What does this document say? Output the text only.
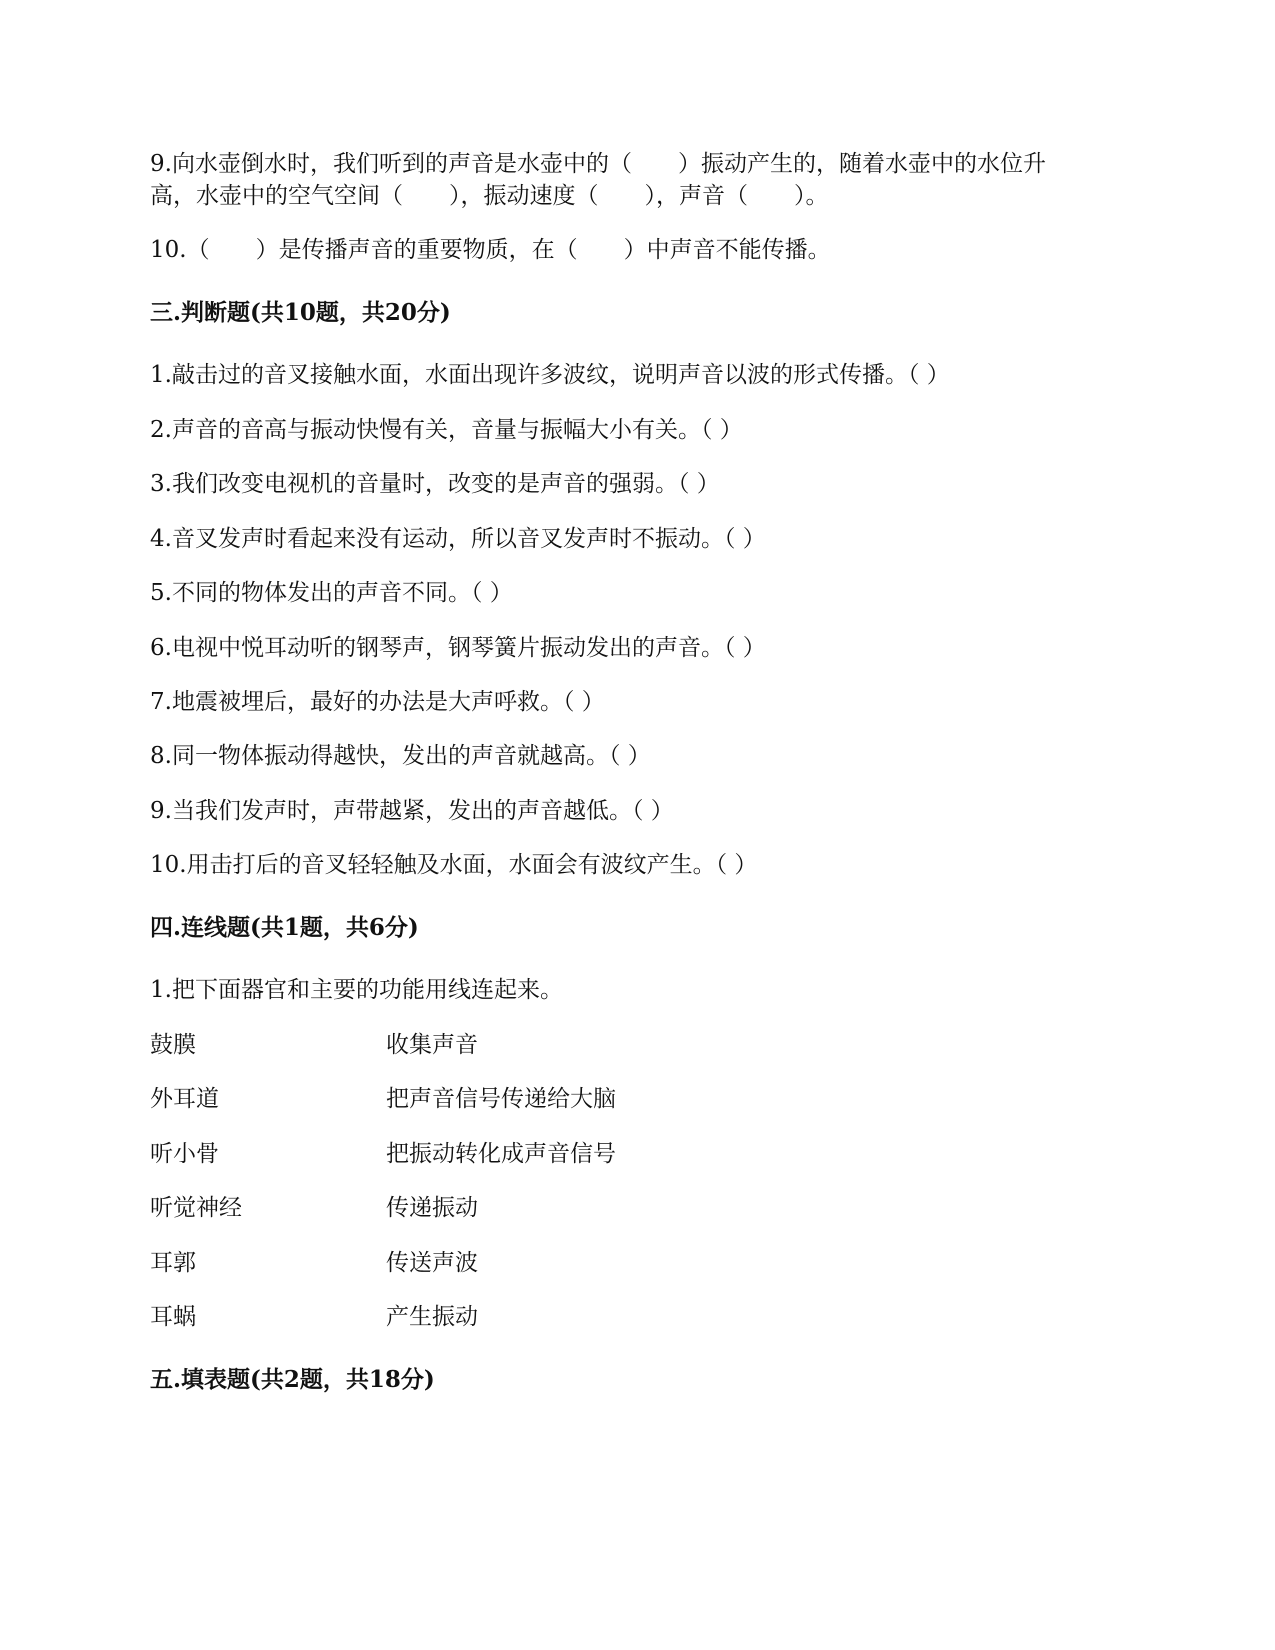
9.向水壶倒水时，我们听到的声音是水壶中的（　　）振动产生的，随着水壶中的水位升
高，水壶中的空气空间（　　），振动速度（　　），声音（　　）。
10.（　　）是传播声音的重要物质，在（　　）中声音不能传播。
三.判断题(共10题，共20分)
1.敲击过的音叉接触水面，水面出现许多波纹，说明声音以波的形式传播。（ ）
2.声音的音高与振动快慢有关，音量与振幅大小有关。（ ）
3.我们改变电视机的音量时，改变的是声音的强弱。（ ）
4.音叉发声时看起来没有运动，所以音叉发声时不振动。（ ）
5.不同的物体发出的声音不同。（ ）
6.电视中悦耳动听的钢琴声，钢琴簧片振动发出的声音。（ ）
7.地震被埋后，最好的办法是大声呼救。（ ）
8.同一物体振动得越快，发出的声音就越高。（ ）
9.当我们发声时，声带越紧，发出的声音越低。（ ）
10.用击打后的音叉轻轻触及水面，水面会有波纹产生。（ ）
四.连线题(共1题，共6分)
1.把下面器官和主要的功能用线连起来。
鼓膜	收集声音
外耳道	把声音信号传递给大脑
听小骨	把振动转化成声音信号
听觉神经	传递振动
耳郭	传送声波
耳蜗	产生振动
五.填表题(共2题，共18分)
